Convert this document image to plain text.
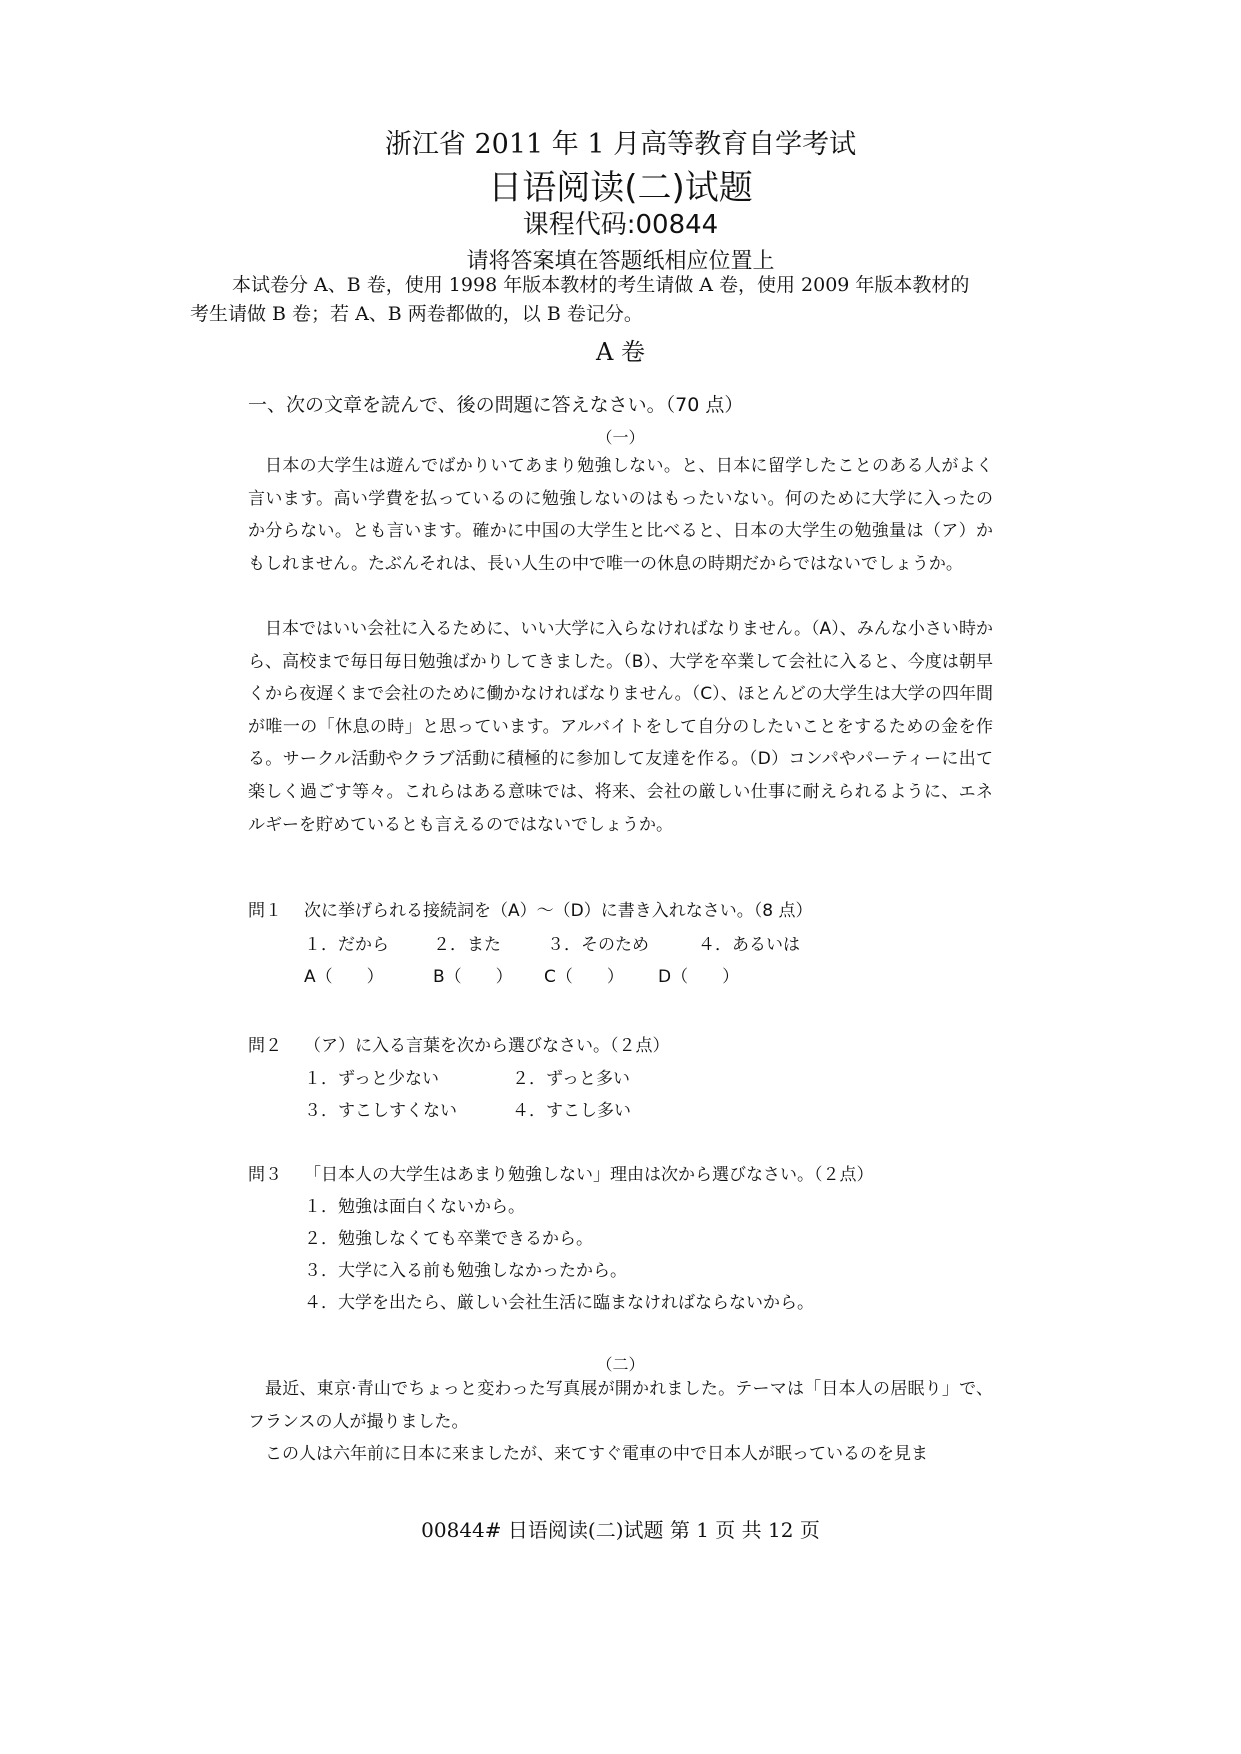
浙江省 2011 年 1 月高等教育自学考试
日语阅读(二)试题
课程代码:00844
请将答案填在答题纸相应位置上
本试卷分 A、B 卷，使用 1998 年版本教材的考生请做 A 卷，使用 2009 年版本教材的
考生请做 B 卷；若 A、B 两卷都做的，以 B 卷记分。
A 卷
一、次の文章を読んで、後の問題に答えなさい。（70 点）
（一）
日本の大学生は遊んでばかりいてあまり勉強しない。と、日本に留学したことのある人がよく言います。高い学費を払っているのに勉強しないのはもったいない。何のために大学に入ったのか分らない。とも言います。確かに中国の大学生と比べると、日本の大学生の勉強量は（ア）かもしれません。たぶんそれは、長い人生の中で唯一の休息の時期だからではないでしょうか。
日本ではいい会社に入るために、いい大学に入らなければなりません。（A）、みんな小さい時から、高校まで毎日毎日勉強ばかりしてきました。（B）、大学を卒業して会社に入ると、今度は朝早くから夜遅くまで会社のために働かなければなりません。（C）、ほとんどの大学生は大学の四年間が唯一の「休息の時」と思っています。アルバイトをして自分のしたいことをするための金を作る。サークル活動やクラブ活動に積極的に参加して友達を作る。（D）コンパやパーティーに出て楽しく過ごす等々。これらはある意味では、将来、会社の厳しい仕事に耐えられるように、エネルギーを貯めているとも言えるのではないでしょうか。
問１ 次に挙げられる接続詞を（A）～（D）に書き入れなさい。（8 点）
１．だから	２．また	３．そのため	４．あるいは
A（　　）	B（　　） C（　　） D（　　）
問２ （ア）に入る言葉を次から選びなさい。（２点）
１．ずっと少ない	２．ずっと多い
３．すこしすくない	４．すこし多い
問３ 「日本人の大学生はあまり勉強しない」理由は次から選びなさい。（２点）
１．勉強は面白くないから。
２．勉強しなくても卒業できるから。
３．大学に入る前も勉強しなかったから。
４．大学を出たら、厳しい会社生活に臨まなければならないから。
（二）
最近、東京·青山でちょっと変わった写真展が開かれました。テーマは「日本人の居眠り」で、フランスの人が撮りました。
この人は六年前に日本に来ましたが、来てすぐ電車の中で日本人が眠っているのを見ま
00844# 日语阅读(二)试题 第 1 页 共 12 页
